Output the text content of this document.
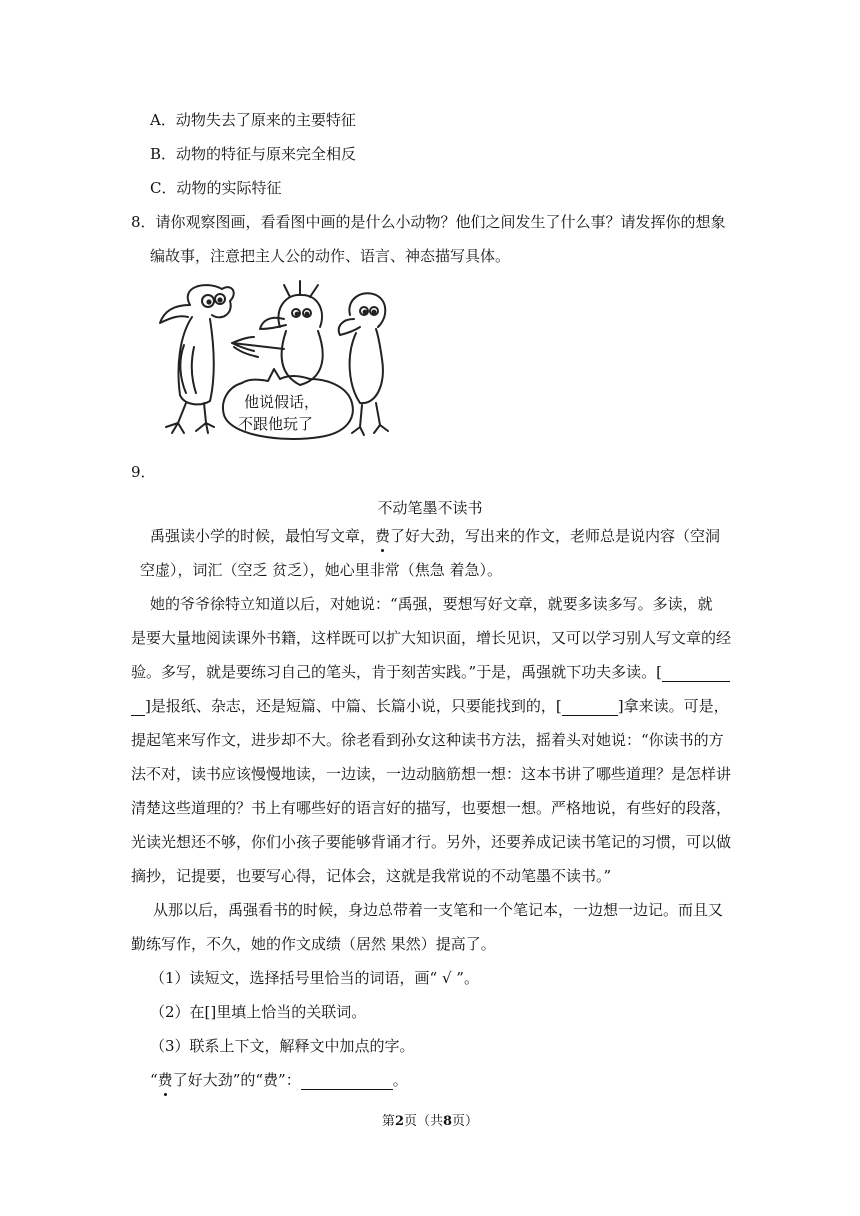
A．动物失去了原来的主要特征
B．动物的特征与原来完全相反
C．动物的实际特征
8．请你观察图画，看看图中画的是什么小动物？他们之间发生了什么事？请发挥你的想象
编故事，注意把主人公的动作、语言、神态描写具体。
他说假话，
不跟他玩了
9．
不动笔墨不读书
禹强读小学的时候，最怕写文章，费了好大劲，写出来的作文，老师总是说内容（空洞
空虚），词汇（空乏 贫乏），她心里非常（焦急 着急）。
她的爷爷徐特立知道以后，对她说：“禹强，要想写好文章，就要多读多写。多读，就
是要大量地阅读课外书籍，这样既可以扩大知识面，增长见识，又可以学习别人写文章的经
验。多写，就是要练习自己的笔头，肯于刻苦实践。”于是，禹强就下功夫多读。[
]是报纸、杂志，还是短篇、中篇、长篇小说，只要能找到的，[	]拿来读。可是，
提起笔来写作文，进步却不大。徐老看到孙女这种读书方法，摇着头对她说：“你读书的方
法不对，读书应该慢慢地读，一边读，一边动脑筋想一想：这本书讲了哪些道理？是怎样讲
清楚这些道理的？书上有哪些好的语言好的描写，也要想一想。严格地说，有些好的段落，
光读光想还不够，你们小孩子要能够背诵才行。另外，还要养成记读书笔记的习惯，可以做
摘抄，记提要，也要写心得，记体会，这就是我常说的不动笔墨不读书。”
从那以后，禹强看书的时候，身边总带着一支笔和一个笔记本，一边想一边记。而且又
勤练写作，不久，她的作文成绩（居然 果然）提高了。
（1）读短文，选择括号里恰当的词语，画“ √ ”。
（2）在[]里填上恰当的关联词。
（3）联系上下文，解释文中加点的字。
“费了好大劲”的“费”：	。
第2页（共8页）
